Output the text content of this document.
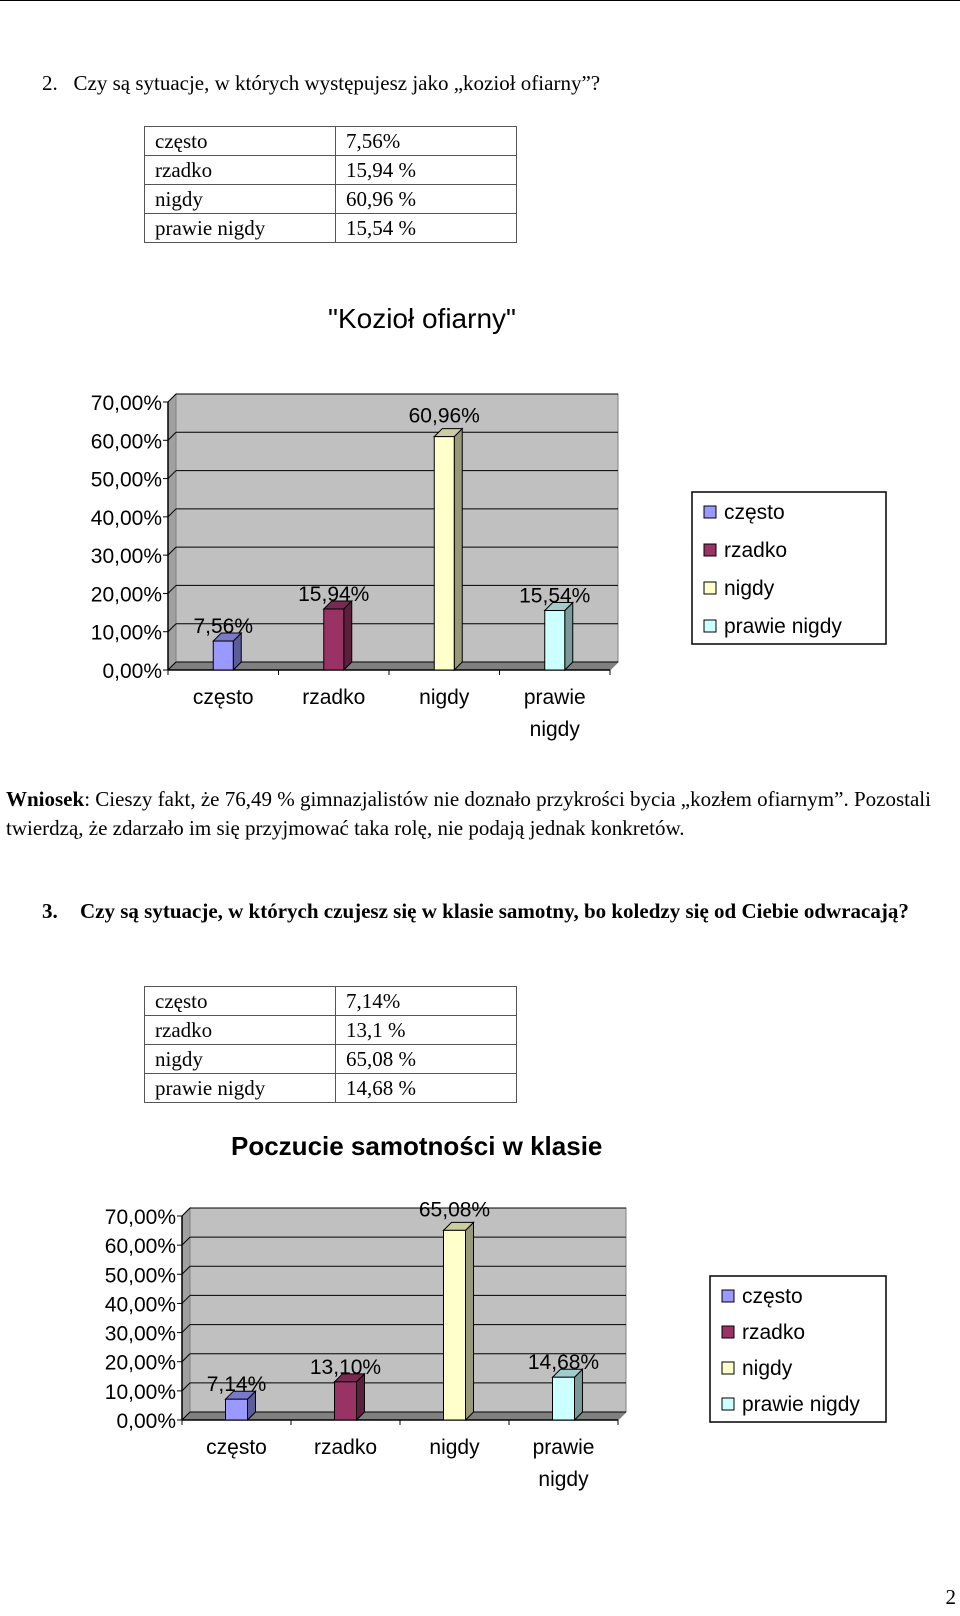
2. Czy są sytuacje, w których występujesz jako „kozioł ofiarny”?
często	7,56%
rzadko	15,94 %
nigdy	60,96 %
prawie nigdy	15,54 %
"Kozioł ofiarny"
Wniosek: Cieszy fakt, że 76,49 % gimnazjalistów nie doznało przykrości bycia „kozłem ofiarnym”. Pozostali twierdzą, że zdarzało im się przyjmować taka rolę, nie podają jednak konkretów.
3. Czy są sytuacje, w których czujesz się w klasie samotny, bo koledzy się od Ciebie odwracają?
często	7,14%
rzadko	13,1 %
nigdy	65,08 %
prawie nigdy	14,68 %
Poczucie samotności w klasie
0,00%
10,00%
20,00%
30,00%
40,00%
50,00%
60,00%
70,00%
7,56%
często
15,94%
rzadko
60,96%
nigdy
15,54%
prawie
nigdy
często
rzadko
nigdy
prawie nigdy
0,00%
10,00%
20,00%
30,00%
40,00%
50,00%
60,00%
70,00%
7,14%
często
13,10%
rzadko
65,08%
nigdy
14,68%
prawie
nigdy
często
rzadko
nigdy
prawie nigdy
2
